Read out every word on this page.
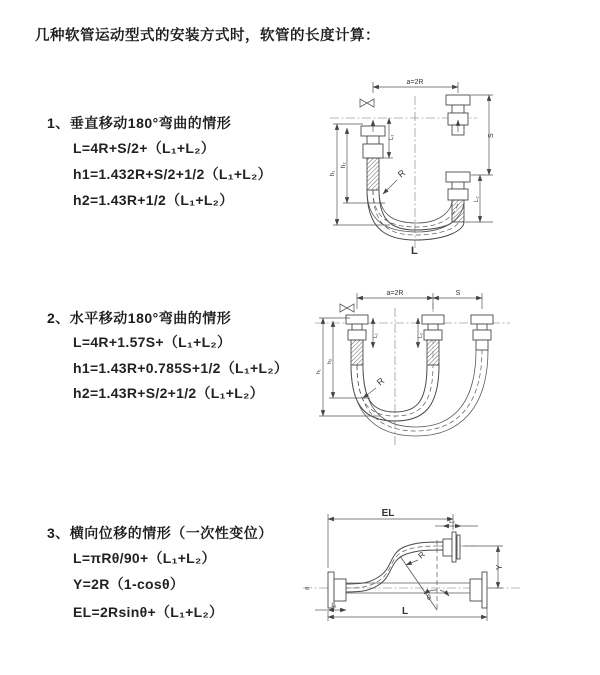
几种软管运动型式的安装方式时，软管的长度计算：
1、垂直移动180°弯曲的情形
L=4R+S/2+（L₁+L₂）
h1=1.432R+S/2+1/2（L₁+L₂）
h2=1.43R+1/2（L₁+L₂）
2、水平移动180°弯曲的情形
L=4R+1.57S+（L₁+L₂）
h1=1.43R+0.785S+1/2（L₁+L₂）
h2=1.43R+S/2+1/2（L₁+L₂）
3、横向位移的情形（一次性变位）
L=πRθ/90+（L₁+L₂）
Y=2R（1-cosθ）
EL=2Rsinθ+（L₁+L₂）
R
a=2R
h₁
h₂
L₁	S
L₂
L
R
a=2R	S
L₁	L₂
h₁
h₂
≈
θ
R
EL
L₂
Y
L₁	L
